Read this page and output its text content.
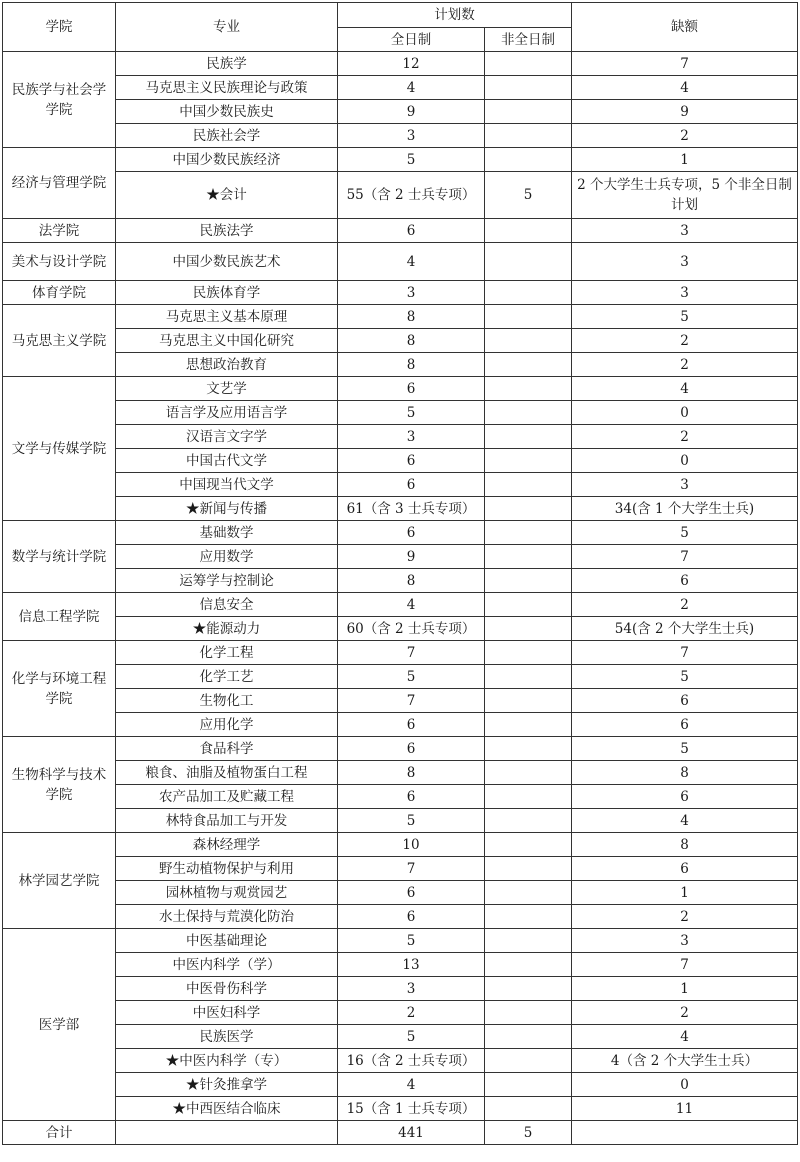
学院	专业	计划数		缺额
		全日制	非全日制	
民族学与社会学学院	民族学	12		7
	马克思主义民族理论与政策	4		4
	中国少数民族史	9		9
	民族社会学	3		2
经济与管理学院	中国少数民族经济	5		1
	★会计	55（含 2 士兵专项）	5	2 个大学生士兵专项，5 个非全日制计划
法学院	民族法学	6		3
美术与设计学院	中国少数民族艺术	4		3
体育学院	民族体育学	3		3
马克思主义学院	马克思主义基本原理	8		5
	马克思主义中国化研究	8		2
	思想政治教育	8		2
文学与传媒学院	文艺学	6		4
	语言学及应用语言学	5		0
	汉语言文字学	3		2
	中国古代文学	6		0
	中国现当代文学	6		3
	★新闻与传播	61（含 3 士兵专项）		34(含 1 个大学生士兵)
数学与统计学院	基础数学	6		5
	应用数学	9		7
	运筹学与控制论	8		6
信息工程学院	信息安全	4		2
	★能源动力	60（含 2 士兵专项）		54(含 2 个大学生士兵)
化学与环境工程学院	化学工程	7		7
	化学工艺	5		5
	生物化工	7		6
	应用化学	6		6
生物科学与技术学院	食品科学	6		5
	粮食、油脂及植物蛋白工程	8		8
	农产品加工及贮藏工程	6		6
	林特食品加工与开发	5		4
林学园艺学院	森林经理学	10		8
	野生动植物保护与利用	7		6
	园林植物与观赏园艺	6		1
	水土保持与荒漠化防治	6		2
医学部	中医基础理论	5		3
	中医内科学（学）	13		7
	中医骨伤科学	3		1
	中医妇科学	2		2
	民族医学	5		4
	★中医内科学（专）	16（含 2 士兵专项）		4（含 2 个大学生士兵）
	★针灸推拿学	4		0
	★中西医结合临床	15（含 1 士兵专项）		11
合计		441	5	
